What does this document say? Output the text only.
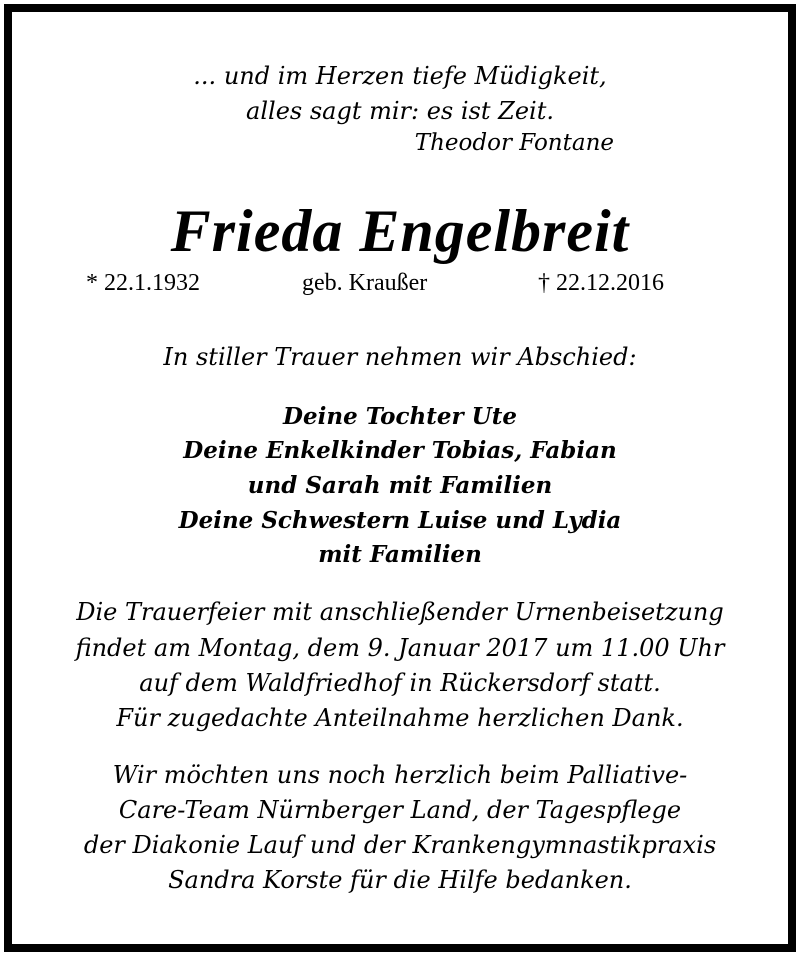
... und im Herzen tiefe Müdigkeit,
alles sagt mir: es ist Zeit.
Theodor Fontane
Frieda Engelbreit
* 22.1.1932	geb. Kraußer	† 22.12.2016
In stiller Trauer nehmen wir Abschied:
Deine Tochter Ute
Deine Enkelkinder Tobias, Fabian
und Sarah mit Familien
Deine Schwestern Luise und Lydia
mit Familien
Die Trauerfeier mit anschließender Urnenbeisetzung
findet am Montag, dem 9. Januar 2017 um 11.00 Uhr
auf dem Waldfriedhof in Rückersdorf statt.
Für zugedachte Anteilnahme herzlichen Dank.
Wir möchten uns noch herzlich beim Palliative-
Care-Team Nürnberger Land, der Tagespflege
der Diakonie Lauf und der Krankengymnastikpraxis
Sandra Korste für die Hilfe bedanken.
